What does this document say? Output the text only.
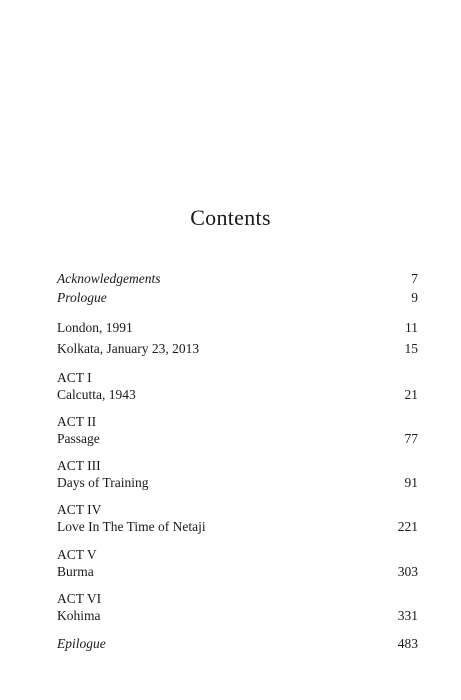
Contents
Acknowledgements	7
Prologue	9
London, 1991	11
Kolkata, January 23, 2013	15
ACT I
Calcutta, 1943	21
ACT II
Passage	77
ACT III
Days of Training	91
ACT IV
Love In The Time of Netaji	221
ACT V
Burma	303
ACT VI
Kohima	331
Epilogue	483
